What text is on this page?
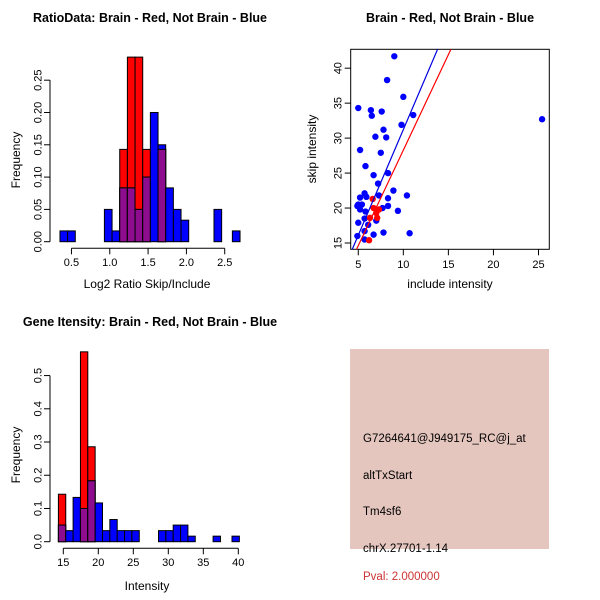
RatioData: Brain - Red, Not Brain - Blue
Log2 Ratio Skip/Include
Frequency
0.5 1.0 1.5 2.0 2.5
0.00
0.05
0.10
0.15
0.20
0.25
Brain - Red, Not Brain - Blue
include intensity
skip intensity
5	10	15	20	25
15
20
25
30
35
40
Gene Itensity: Brain - Red, Not Brain - Blue
Intensity
Frequency
15 20 25 30 35 40
0.0
0.1
0.2
0.3
0.4
0.5
G7264641@J949175_RC@j_at
altTxStart
Tm4sf6
chrX.27701-1.14
Pval: 2.000000
